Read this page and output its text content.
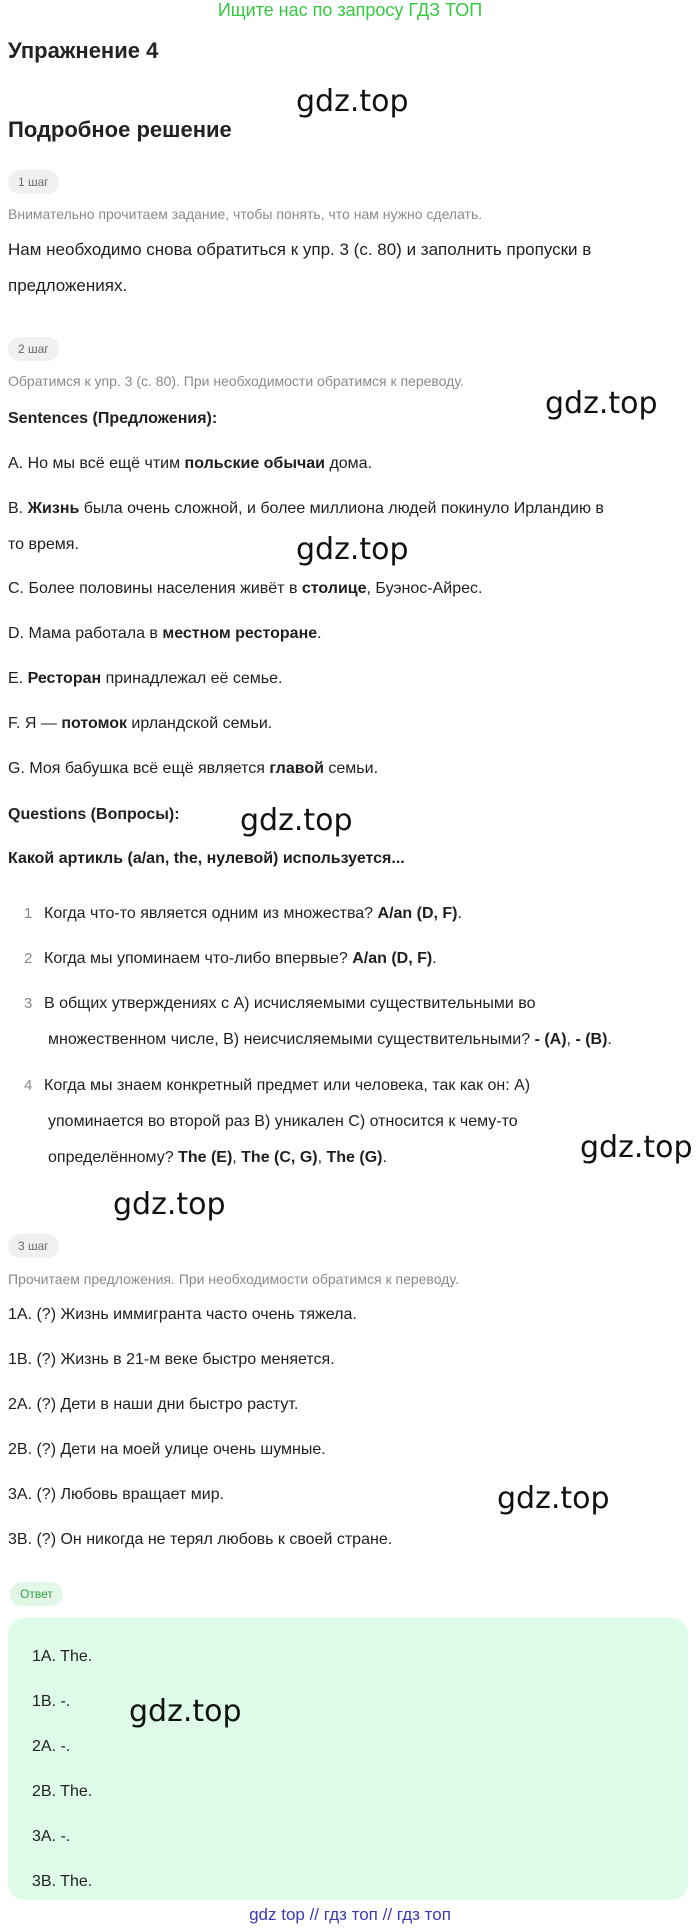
Ищите нас по запросу ГДЗ ТОП
Упражнение 4
gdz.top
Подробное решение
1 шаг
Внимательно прочитаем задание, чтобы понять, что нам нужно сделать.
Нам необходимо снова обратиться к упр. 3 (с. 80) и заполнить пропуски в
предложениях.
2 шаг
Обратимся к упр. 3 (с. 80). При необходимости обратимся к переводу.
gdz.top
Sentences (Предложения):
A. Но мы всё ещё чтим польские обычаи дома.
B. Жизнь была очень сложной, и более миллиона людей покинуло Ирландию в
то время.	gdz.top
C. Более половины населения живёт в столице, Буэнос-Айрес.
D. Мама работала в местном ресторане.
E. Ресторан принадлежал её семье.
F. Я — потомок ирландской семьи.
G. Моя бабушка всё ещё является главой семьи.
Questions (Вопросы): gdz.top
Какой артикль (a/an, the, нулевой) используется...
1 Когда что-то является одним из множества? A/an (D, F).
2 Когда мы упоминаем что-либо впервые? A/an (D, F).
3 В общих утверждениях с A) исчисляемыми существительными во
множественном числе, B) неисчисляемыми существительными? - (A), - (B).
4 Когда мы знаем конкретный предмет или человека, так как он: A)
упоминается во второй раз B) уникален C) относится к чему-то
определённому? The (E), The (C, G), The (G).	gdz.top
gdz.top
3 шаг
Прочитаем предложения. При необходимости обратимся к переводу.
1A. (?) Жизнь иммигранта часто очень тяжела.
1B. (?) Жизнь в 21-м веке быстро меняется.
2A. (?) Дети в наши дни быстро растут.
2B. (?) Дети на моей улице очень шумные.
3A. (?) Любовь вращает мир.	gdz.top
3B. (?) Он никогда не терял любовь к своей стране.
Ответ
1A. The.
1B. -. gdz.top
2A. -.
2B. The.
3A. -.
3B. The.
gdz top // гдз топ // гдз топ
